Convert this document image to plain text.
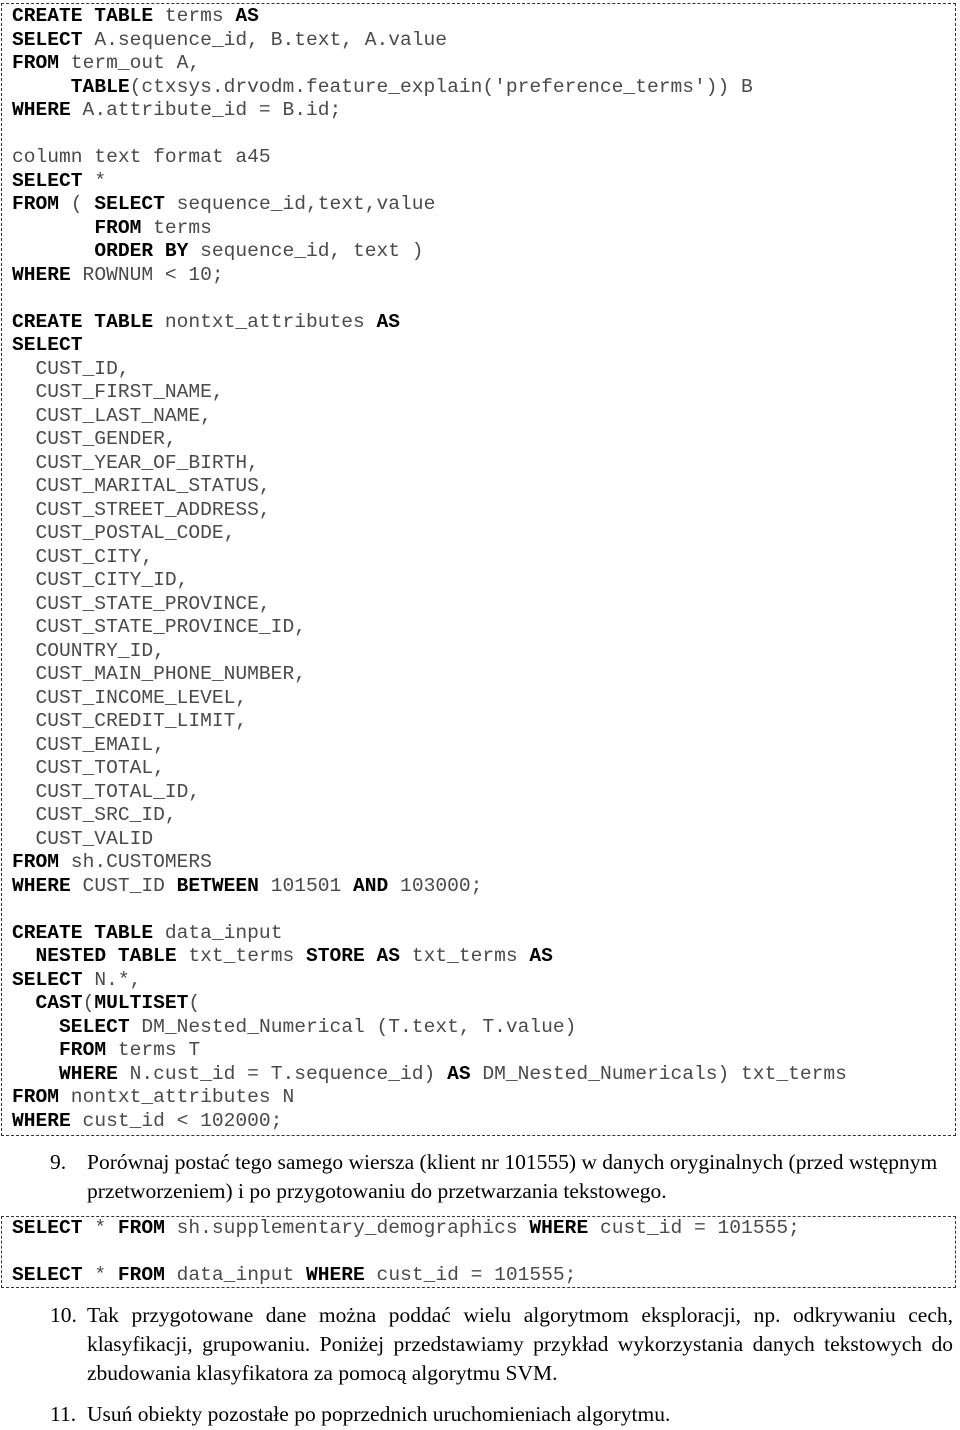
CREATE TABLE terms AS
SELECT A.sequence_id, B.text, A.value
FROM term_out A,
TABLE(ctxsys.drvodm.feature_explain('preference_terms')) B
WHERE A.attribute_id = B.id;
column text format a45
SELECT *
FROM ( SELECT sequence_id,text,value
FROM terms
ORDER BY sequence_id, text )
WHERE ROWNUM < 10;
CREATE TABLE nontxt_attributes AS
SELECT
CUST_ID,
CUST_FIRST_NAME,
CUST_LAST_NAME,
CUST_GENDER,
CUST_YEAR_OF_BIRTH,
CUST_MARITAL_STATUS,
CUST_STREET_ADDRESS,
CUST_POSTAL_CODE,
CUST_CITY,
CUST_CITY_ID,
CUST_STATE_PROVINCE,
CUST_STATE_PROVINCE_ID,
COUNTRY_ID,
CUST_MAIN_PHONE_NUMBER,
CUST_INCOME_LEVEL,
CUST_CREDIT_LIMIT,
CUST_EMAIL,
CUST_TOTAL,
CUST_TOTAL_ID,
CUST_SRC_ID,
CUST_VALID
FROM sh.CUSTOMERS
WHERE CUST_ID BETWEEN 101501 AND 103000;
CREATE TABLE data_input
NESTED TABLE txt_terms STORE AS txt_terms AS
SELECT N.*,
CAST(MULTISET(
SELECT DM_Nested_Numerical (T.text, T.value)
FROM terms T
WHERE N.cust_id = T.sequence_id) AS DM_Nested_Numericals) txt_terms
FROM nontxt_attributes N
WHERE cust_id < 102000;
9. Porównaj postać tego samego wiersza (klient nr 101555) w danych oryginalnych (przed wstępnym przetworzeniem) i po przygotowaniu do przetwarzania tekstowego.
SELECT * FROM sh.supplementary_demographics WHERE cust_id = 101555;
SELECT * FROM data_input WHERE cust_id = 101555;
10. Tak przygotowane dane można poddać wielu algorytmom eksploracji, np. odkrywaniu cech, klasyfikacji, grupowaniu. Poniżej przedstawiamy przykład wykorzystania danych tekstowych do zbudowania klasyfikatora za pomocą algorytmu SVM.
11. Usuń obiekty pozostałe po poprzednich uruchomieniach algorytmu.
